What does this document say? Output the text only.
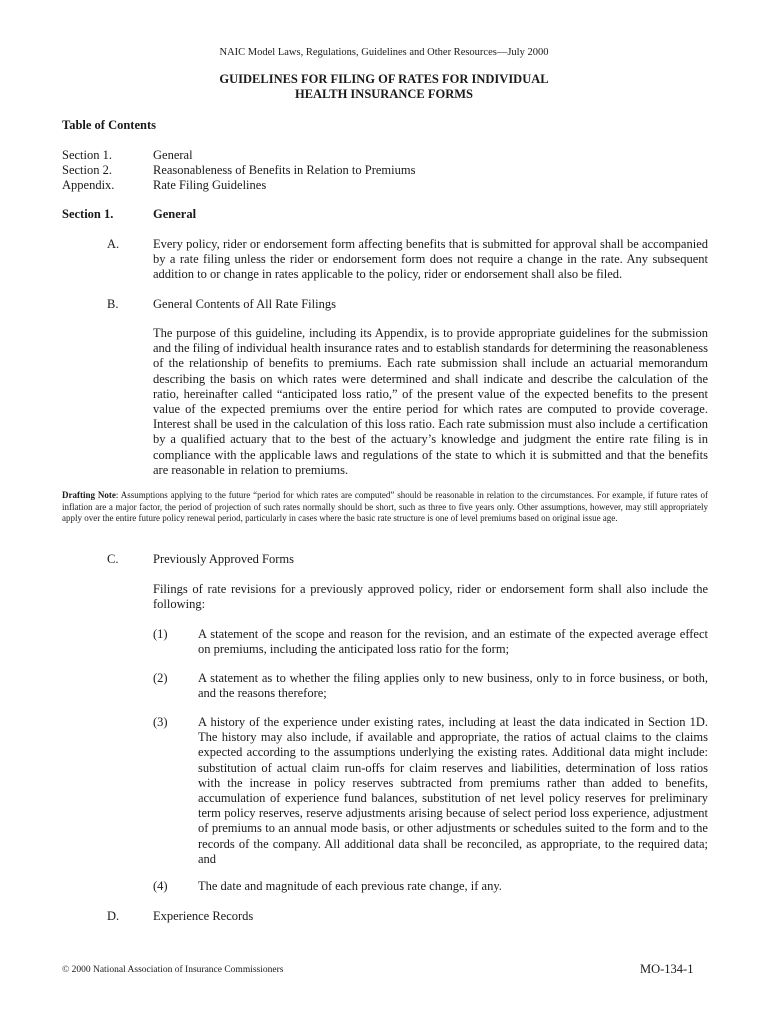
NAIC Model Laws, Regulations, Guidelines and Other Resources—July 2000
GUIDELINES FOR FILING OF RATES FOR INDIVIDUAL
HEALTH INSURANCE FORMS
Table of Contents
Section 1.	General
Section 2.	Reasonableness of Benefits in Relation to Premiums
Appendix.	Rate Filing Guidelines
Section 1.	General
A.	Every policy, rider or endorsement form affecting benefits that is submitted for approval shall be accompanied by a rate filing unless the rider or endorsement form does not require a change in the rate. Any subsequent addition to or change in rates applicable to the policy, rider or endorsement shall also be filed.
B.	General Contents of All Rate Filings
The purpose of this guideline, including its Appendix, is to provide appropriate guidelines for the submission and the filing of individual health insurance rates and to establish standards for determining the reasonableness of the relationship of benefits to premiums. Each rate submission shall include an actuarial memorandum describing the basis on which rates were determined and shall indicate and describe the calculation of the ratio, hereinafter called “anticipated loss ratio,” of the present value of the expected benefits to the present value of the expected premiums over the entire period for which rates are computed to provide coverage. Interest shall be used in the calculation of this loss ratio. Each rate submission must also include a certification by a qualified actuary that to the best of the actuary’s knowledge and judgment the entire rate filing is in compliance with the applicable laws and regulations of the state to which it is submitted and that the benefits are reasonable in relation to premiums.
Drafting Note: Assumptions applying to the future “period for which rates are computed” should be reasonable in relation to the circumstances. For example, if future rates of inflation are a major factor, the period of projection of such rates normally should be short, such as three to five years only. Other assumptions, however, may still appropriately apply over the entire future policy renewal period, particularly in cases where the basic rate structure is one of level premiums based on original issue age.
C.	Previously Approved Forms
Filings of rate revisions for a previously approved policy, rider or endorsement form shall also include the following:
(1) A statement of the scope and reason for the revision, and an estimate of the expected average effect on premiums, including the anticipated loss ratio for the form;
(2) A statement as to whether the filing applies only to new business, only to in force business, or both, and the reasons therefore;
(3) A history of the experience under existing rates, including at least the data indicated in Section 1D. The history may also include, if available and appropriate, the ratios of actual claims to the claims expected according to the assumptions underlying the existing rates. Additional data might include: substitution of actual claim run-offs for claim reserves and liabilities, determination of loss ratios with the increase in policy reserves subtracted from premiums rather than added to benefits, accumulation of experience fund balances, substitution of net level policy reserves for preliminary term policy reserves, reserve adjustments arising because of select period loss experience, adjustment of premiums to an annual mode basis, or other adjustments or schedules suited to the form and to the records of the company. All additional data shall be reconciled, as appropriate, to the required data; and
(4) The date and magnitude of each previous rate change, if any.
D.	Experience Records
© 2000 National Association of Insurance Commissioners	MO-134-1
